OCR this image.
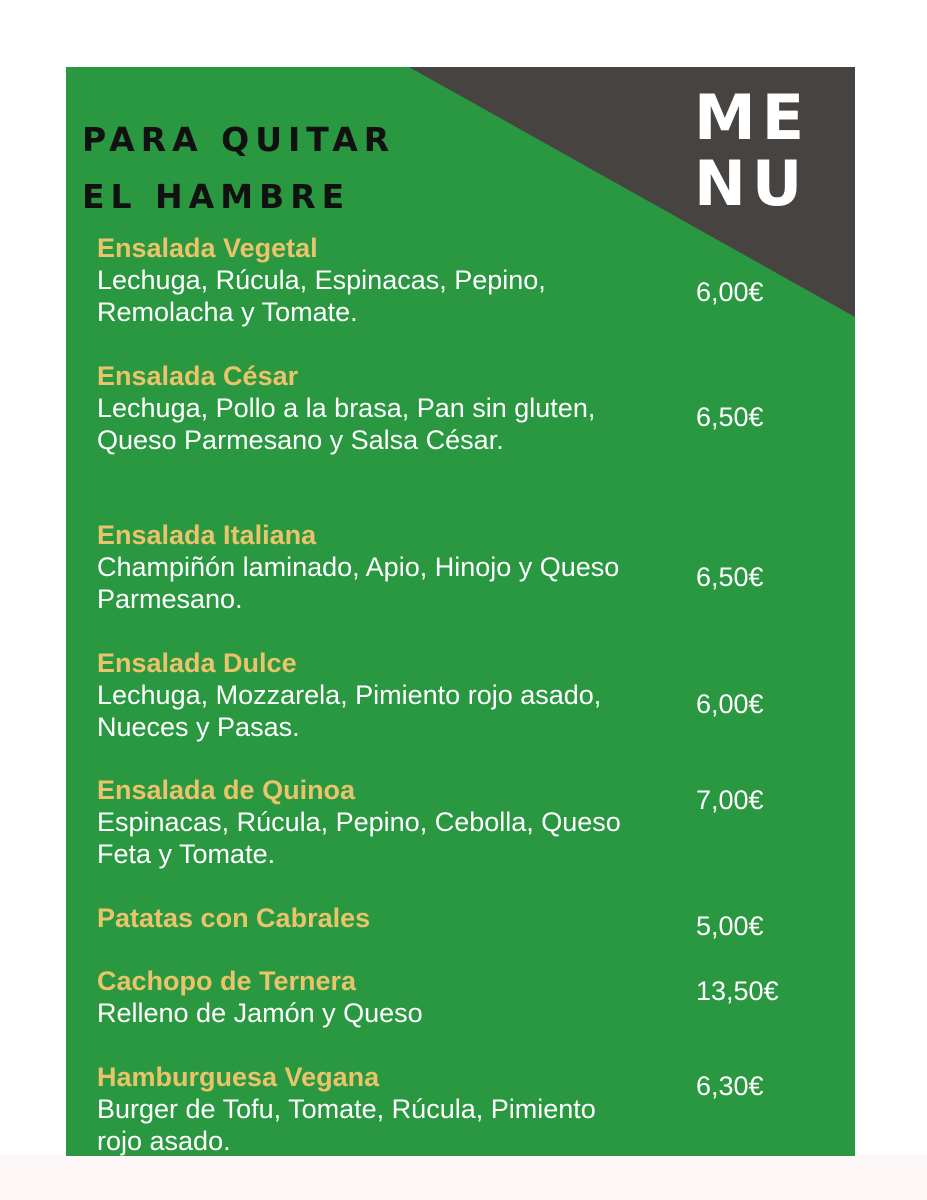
PARA QUITAR
EL HAMBRE
ME
NU

Ensalada Vegetal

Lechuga, Rúcula, Espinacas, Pepino, Remolacha y Tomate.

6,00€

Ensalada César

Lechuga, Pollo a la brasa, Pan sin gluten, Queso Parmesano y Salsa César.

6,50€

Ensalada Italiana

Champiñón laminado, Apio, Hinojo y Queso Parmesano.

6,50€

Ensalada Dulce

Lechuga, Mozzarela, Pimiento rojo asado, Nueces y Pasas.

6,00€

Ensalada de Quinoa

Espinacas, Rúcula, Pepino, Cebolla, Queso Feta y Tomate.

7,00€

Patatas con Cabrales	5,00€

Cachopo de Ternera

Relleno de Jamón y Queso

13,50€

Hamburguesa Vegana

Burger de Tofu, Tomate, Rúcula, Pimiento rojo asado.

6,30€
